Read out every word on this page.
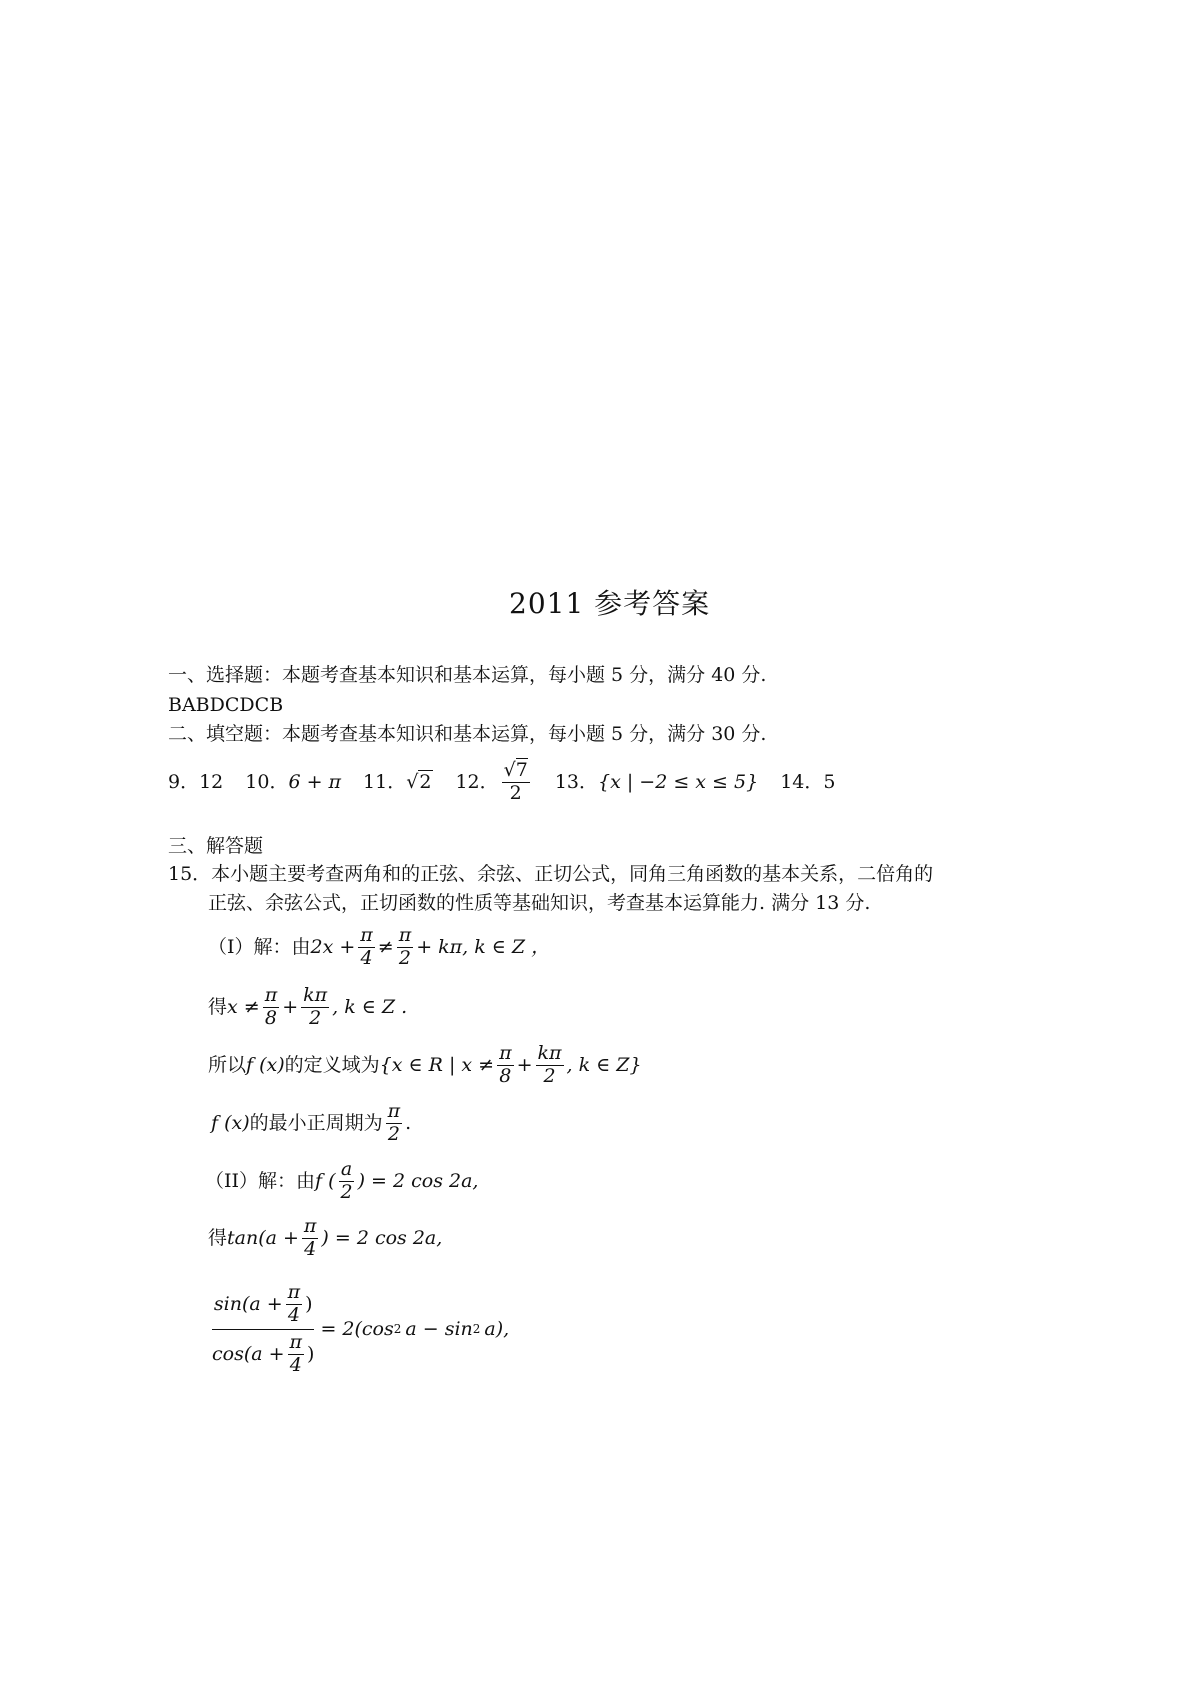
2011 参考答案
一、选择题：本题考查基本知识和基本运算，每小题 5 分，满分 40 分.
BABDCDCB
二、填空题：本题考查基本知识和基本运算，每小题 5 分，满分 30 分.
9． 12 10． 6 + π 11． √2 12． $\frac{√7}{2} 13$． {x | −2 ≤ x ≤ 5} 14． 5
三、解答题
15．本小题主要考查两角和的正弦、余弦、正切公式，同角三角函数的基本关系，二倍角的
正弦、余弦公式，正切函数的性质等基础知识，考查基本运算能力. 满分 13 分.
（I）解：由 $2x + \frac{\pi}{4} \ne \frac{\pi}{2} + k\pi$, k ∈ Z ，
得 $x \ne \frac{\pi}{8} + \frac{k\pi}{2}$ , k ∈ Z .
所以 f (x) 的定义域为 {x ∈ R | $x \ne \frac{\pi}{8} + \frac{k\pi}{2}$ , k ∈ Z}
f (x) 的最小正周期为 $\frac{\pi}{2}$ .
（II）解：由 f ( $\frac{a}{2}$ ) = 2 cos 2a,
得 $\tan(a + \frac{\pi}{4}$ ) = 2 cos 2a,
$\sin(a + \frac{\pi}{4}$ )
$\cos(a + \frac{\pi}{4}$ )
= 2(cos 2 a − sin 2 a),
